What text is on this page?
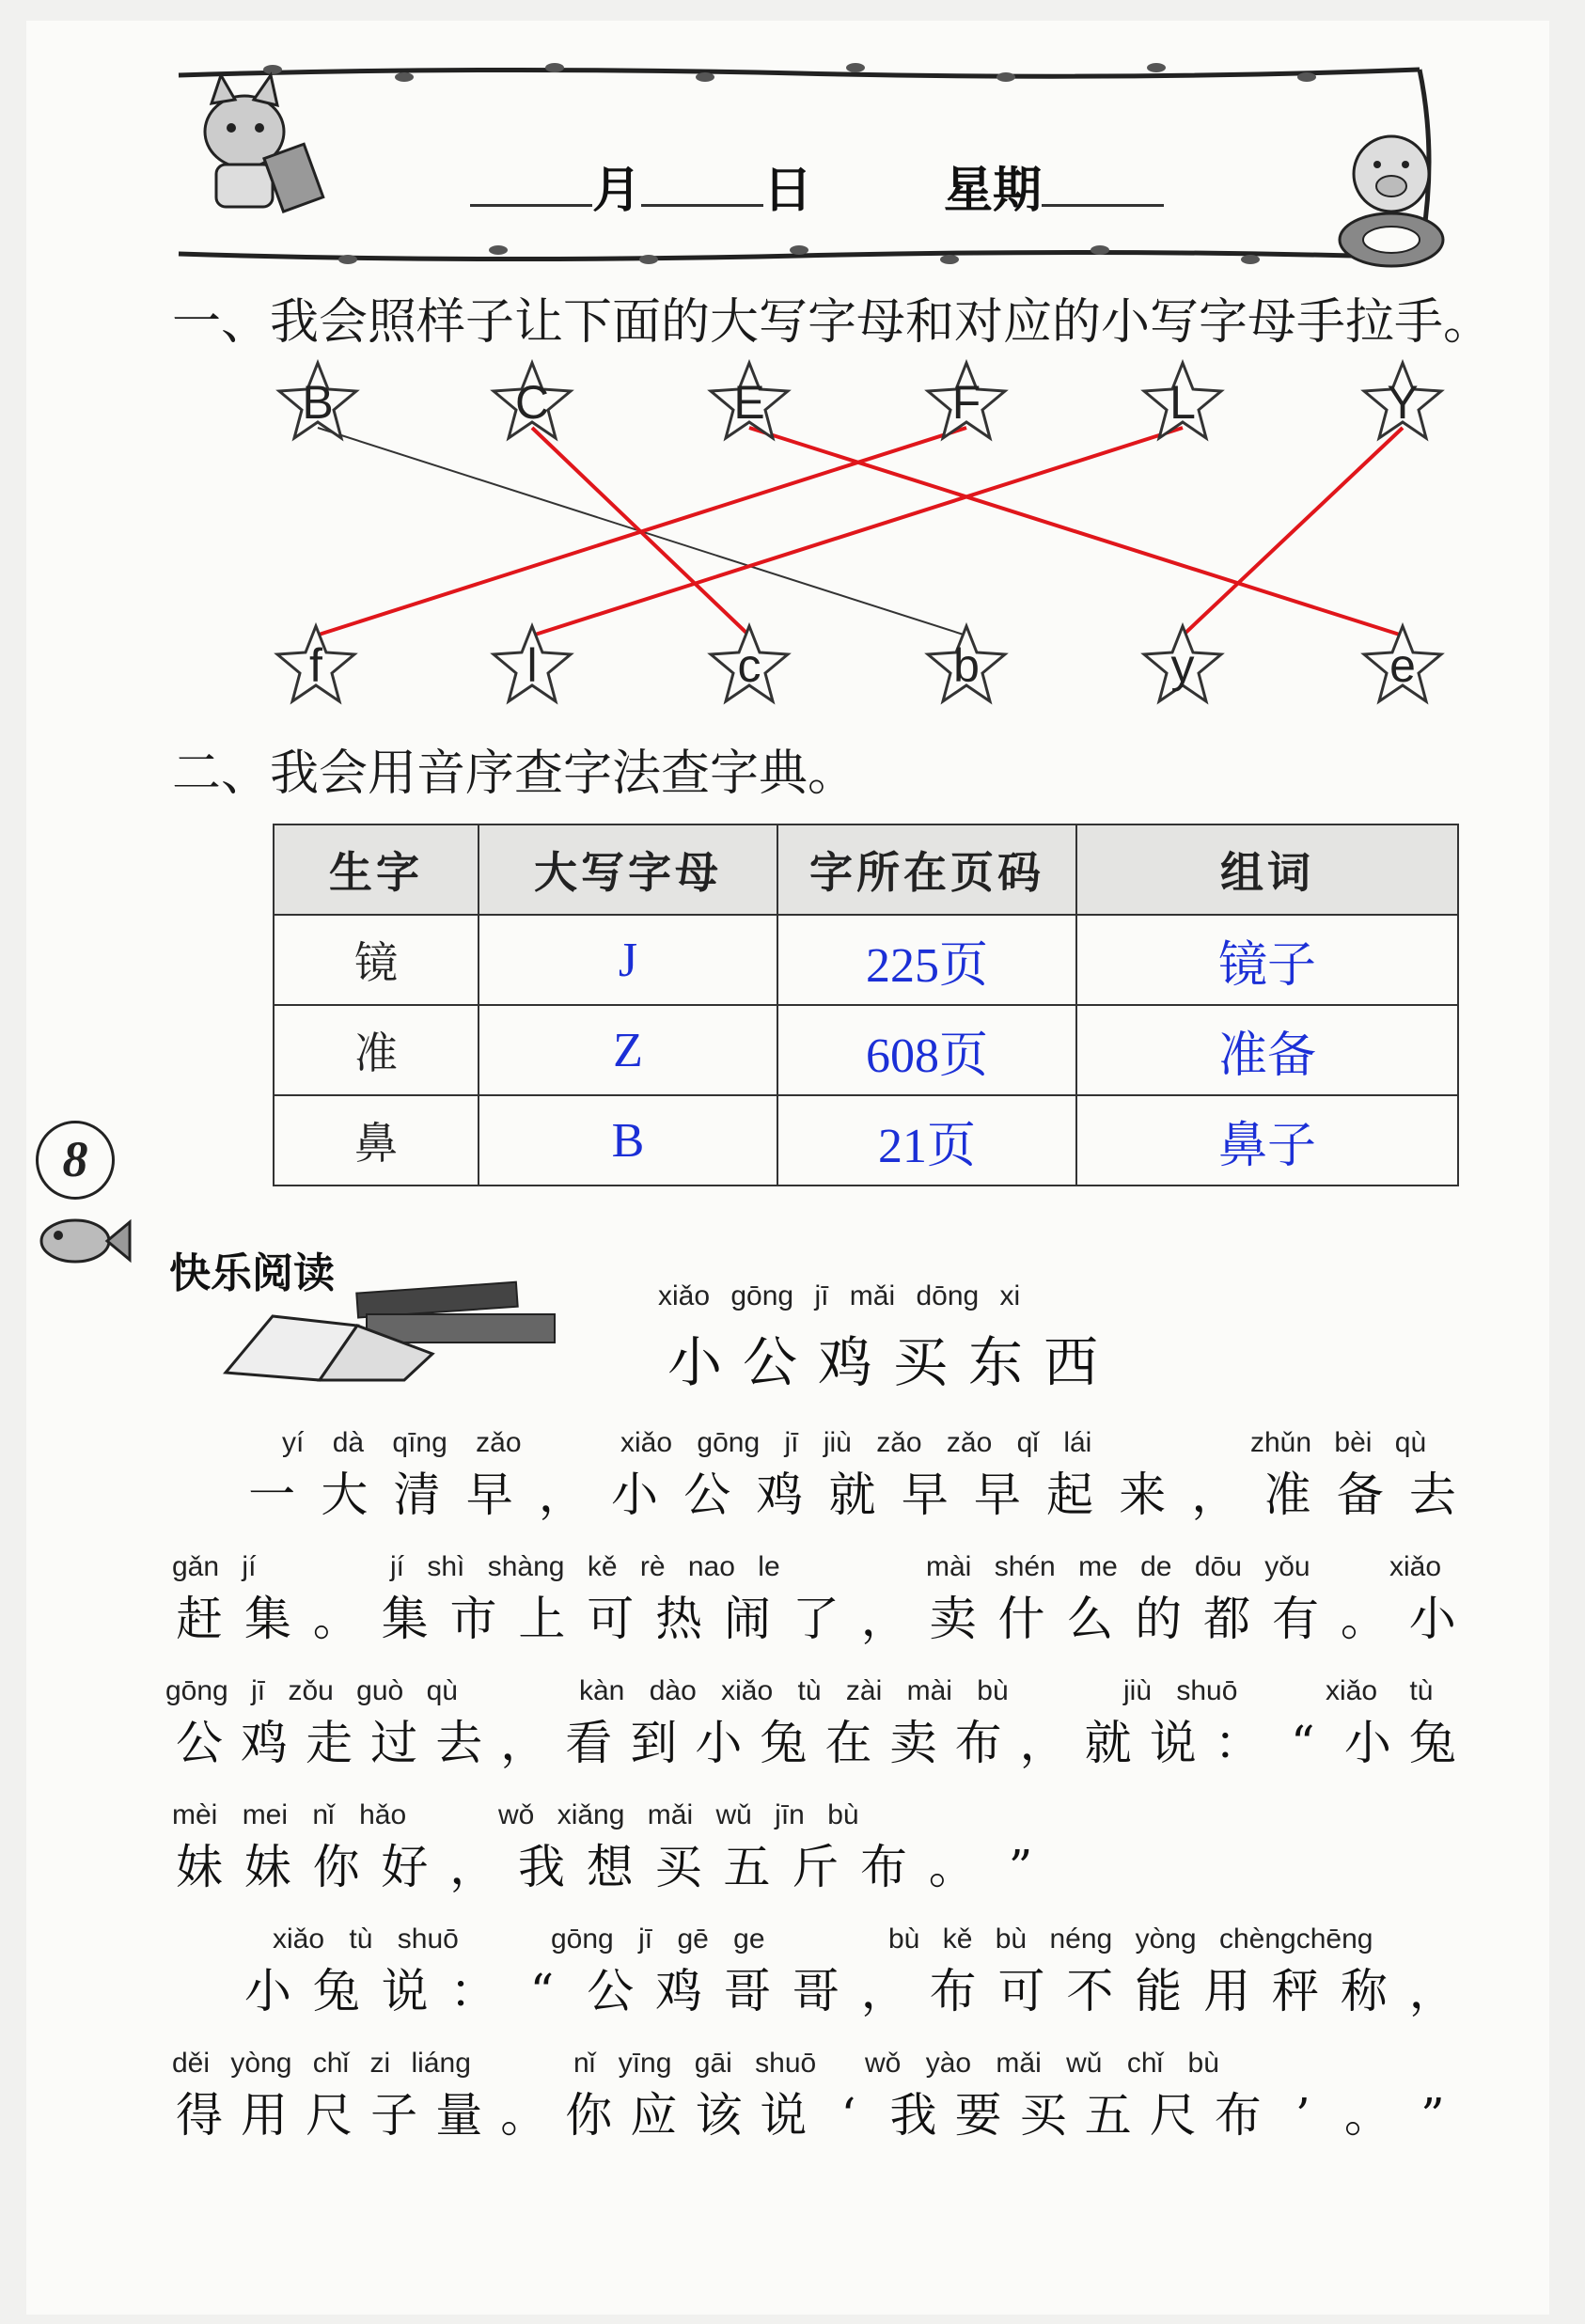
月	日	星期
一、我会照样子让下面的大写字母和对应的小写字母手拉手。
B	C	E	F	L	Y
f	l	c	b	y	e
二、我会用音序查字法查字典。
生字	大写字母	字所在页码	组词
镜	J	225页	镜子
准	Z	608页	准备
鼻	B	21页	鼻子
8
快乐阅读	xiǎo gōng jī mǎi dōng xi
小公鸡买东西

一 大 清 早 ， 小 公 鸡 就 早 早 起 来 ， 准 备 去
赶 集 。 集 市 上 可 热 闹 了 ， 卖 什 么 的 都 有 。 小
公 鸡 走 过 去 ， 看 到 小 兔 在 卖 布 ， 就 说 ： “ 小 兔
妹 妹 你 好 ， 我 想 买 五 斤 布 。 ”

小 兔 说 ： “ 公 鸡 哥 哥 ， 布 可 不 能 用 秤 称 ，
得 用 尺 子 量 。 你 应 该 说 ‘ 我 要 买 五 尺 布 ’ 。 ”
yí dà qīng zǎo	xiǎo gōng jī jiù zǎo zǎo qǐ lái	zhǔn bèi qù
gǎn jí	jí shì shàng kě rè nao le	mài shén me de dōu yǒu	xiǎo
gōng jī zǒu guò qù	kàn dào xiǎo tù zài mài bù	jiù shuō	xiǎo tù
mèi mei nǐ hǎo	wǒ xiǎng mǎi wǔ jīn bù
xiǎo tù shuō	gōng jī gē ge	bù kě bù néng yòng chèngchēng
děi yòng chǐ zi liáng	nǐ yīng gāi shuō wǒ yào mǎi wǔ chǐ bù
